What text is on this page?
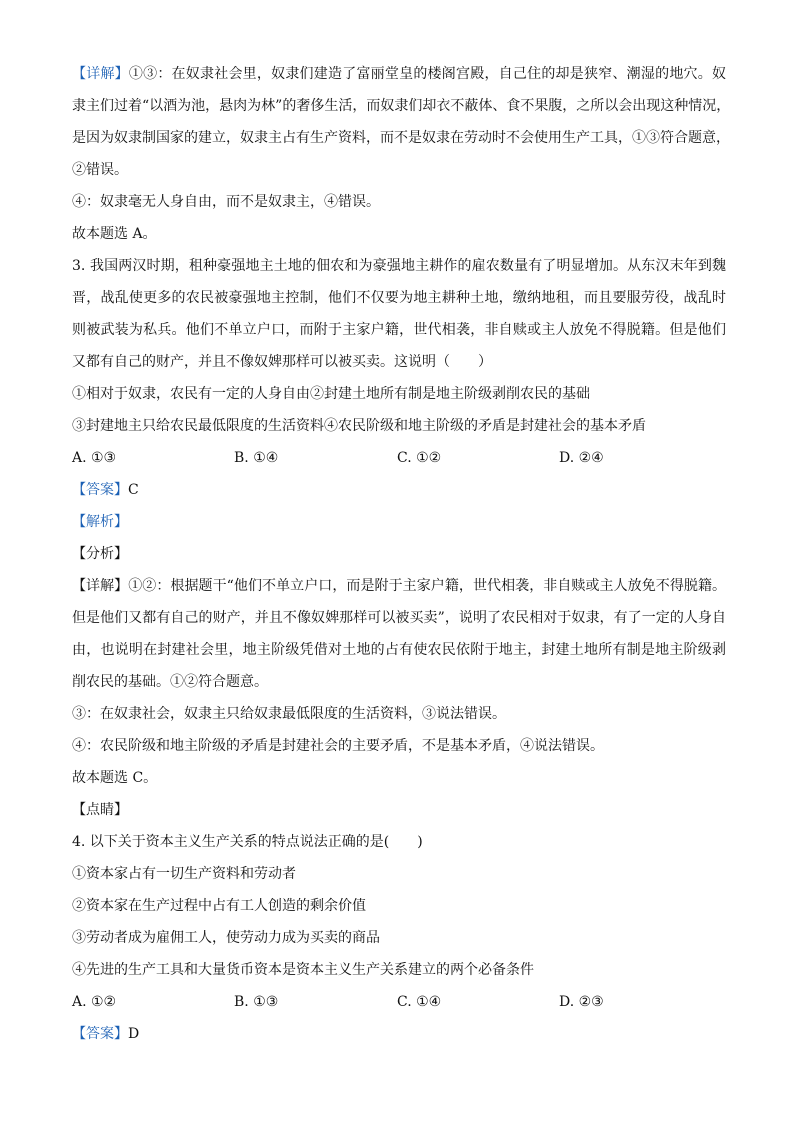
【详解】①③：在奴隶社会里，奴隶们建造了富丽堂皇的楼阁宫殿，自己住的却是狭窄、潮湿的地穴。奴
隶主们过着“以酒为池，悬肉为林”的奢侈生活，而奴隶们却衣不蔽体、食不果腹，之所以会出现这种情况，
是因为奴隶制国家的建立，奴隶主占有生产资料，而不是奴隶在劳动时不会使用生产工具，①③符合题意，
②错误。
④：奴隶毫无人身自由，而不是奴隶主，④错误。
故本题选 A。
3. 我国两汉时期，租种豪强地主土地的佃农和为豪强地主耕作的雇农数量有了明显增加。从东汉末年到魏
晋，战乱使更多的农民被豪强地主控制，他们不仅要为地主耕种土地，缴纳地租，而且要服劳役，战乱时
则被武装为私兵。他们不单立户口，而附于主家户籍，世代相袭，非自赎或主人放免不得脱籍。但是他们
又都有自己的财产，并且不像奴婢那样可以被买卖。这说明（　　）
①相对于奴隶，农民有一定的人身自由②封建土地所有制是地主阶级剥削农民的基础
③封建地主只给农民最低限度的生活资料④农民阶级和地主阶级的矛盾是封建社会的基本矛盾
A. ①③	B. ①④	C. ①②	D. ②④
【答案】C
【解析】
【分析】
【详解】①②：根据题干“他们不单立户口，而是附于主家户籍，世代相袭，非自赎或主人放免不得脱籍。
但是他们又都有自己的财产，并且不像奴婢那样可以被买卖”，说明了农民相对于奴隶，有了一定的人身自
由，也说明在封建社会里，地主阶级凭借对土地的占有使农民依附于地主，封建土地所有制是地主阶级剥
削农民的基础。①②符合题意。
③：在奴隶社会，奴隶主只给奴隶最低限度的生活资料，③说法错误。
④：农民阶级和地主阶级的矛盾是封建社会的主要矛盾，不是基本矛盾，④说法错误。
故本题选 C。
【点睛】
4. 以下关于资本主义生产关系的特点说法正确的是(　　)
①资本家占有一切生产资料和劳动者
②资本家在生产过程中占有工人创造的剩余价值
③劳动者成为雇佣工人，使劳动力成为买卖的商品
④先进的生产工具和大量货币资本是资本主义生产关系建立的两个必备条件
A. ①②	B. ①③	C. ①④	D. ②③
【答案】D
